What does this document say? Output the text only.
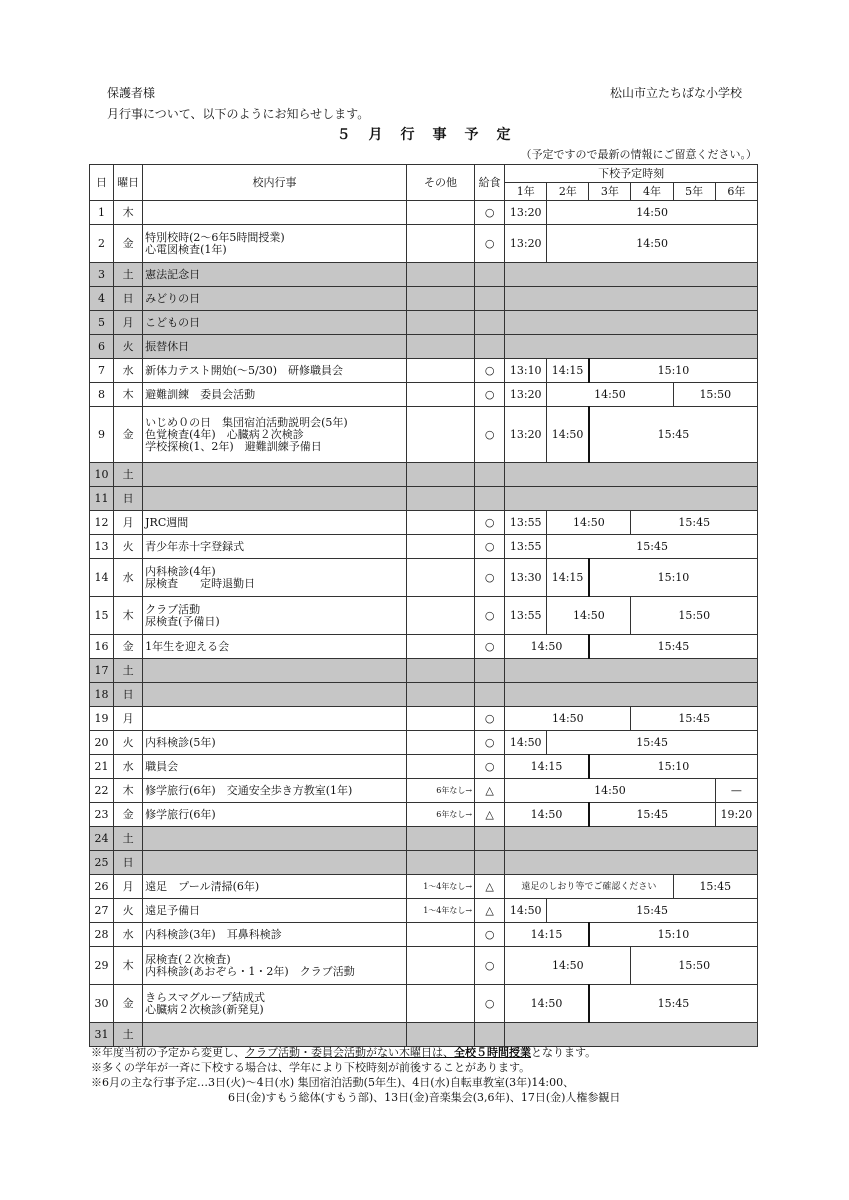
保護者様	松山市立たちばな小学校
月行事について、以下のようにお知らせします。
５　月　行　事　予　定
（予定ですので最新の情報にご留意ください。）
日	曜日	校内行事	その他	給食	下校予定時刻					
					1年	2年	3年	4年	5年	6年
1	木			○	13:20	14:50				
2	金	特別校時(2～6年5時間授業)
心電図検査(1年)		○	13:20	14:50				
3	土	憲法記念日								
4	日	みどりの日								
5	月	こどもの日								
6	火	振替休日								
7	水	新体力テスト開始(～5/30)　研修職員会		○	13:10	14:15	15:10			
8	木	避難訓練　委員会活動		○	13:20	14:50			15:50	
9	金	いじめ０の日　集団宿泊活動説明会(5年)
色覚検査(4年)　心臓病２次検診
学校探検(1、2年)　避難訓練予備日		○	13:20	14:50	15:45			
10	土									
11	日									
12	月	JRC週間		○	13:55	14:50		15:45		
13	火	青少年赤十字登録式		○	13:55	15:45				
14	水	内科検診(4年)
尿検査　　定時退勤日		○	13:30	14:15	15:10			
15	木	クラブ活動
尿検査(予備日)		○	13:55	14:50		15:50		
16	金	1年生を迎える会		○	14:50		15:45			
17	土									
18	日									
19	月			○	14:50			15:45		
20	火	内科検診(5年)		○	14:50	15:45				
21	水	職員会		○	14:15		15:10			
22	木	修学旅行(6年)　交通安全歩き方教室(1年)	6年なし→	△	14:50					—
23	金	修学旅行(6年)	6年なし→	△	14:50		15:45			19:20
24	土									
25	日									
26	月	遠足　プール清掃(6年)	1～4年なし→	△	遠足のしおり等でご確認ください				15:45	
27	火	遠足予備日	1～4年なし→	△	14:50	15:45				
28	水	内科検診(3年)　耳鼻科検診		○	14:15		15:10			
29	木	尿検査(２次検査)
内科検診(あおぞら・1・2年)　クラブ活動		○	14:50			15:50		
30	金	きらスマグループ結成式
心臓病２次検診(新発見)		○	14:50		15:45			
31	土									
※年度当初の予定から変更し、クラブ活動・委員会活動がない木曜日は、全校５時間授業となります。
※多くの学年が一斉に下校する場合は、学年により下校時刻が前後することがあります。
※6月の主な行事予定…3日(火)～4日(水) 集団宿泊活動(5年生)、4日(水)自転車教室(3年)14:00、
6日(金)すもう総体(すもう部)、13日(金)音楽集会(3,6年)、17日(金)人権参観日
